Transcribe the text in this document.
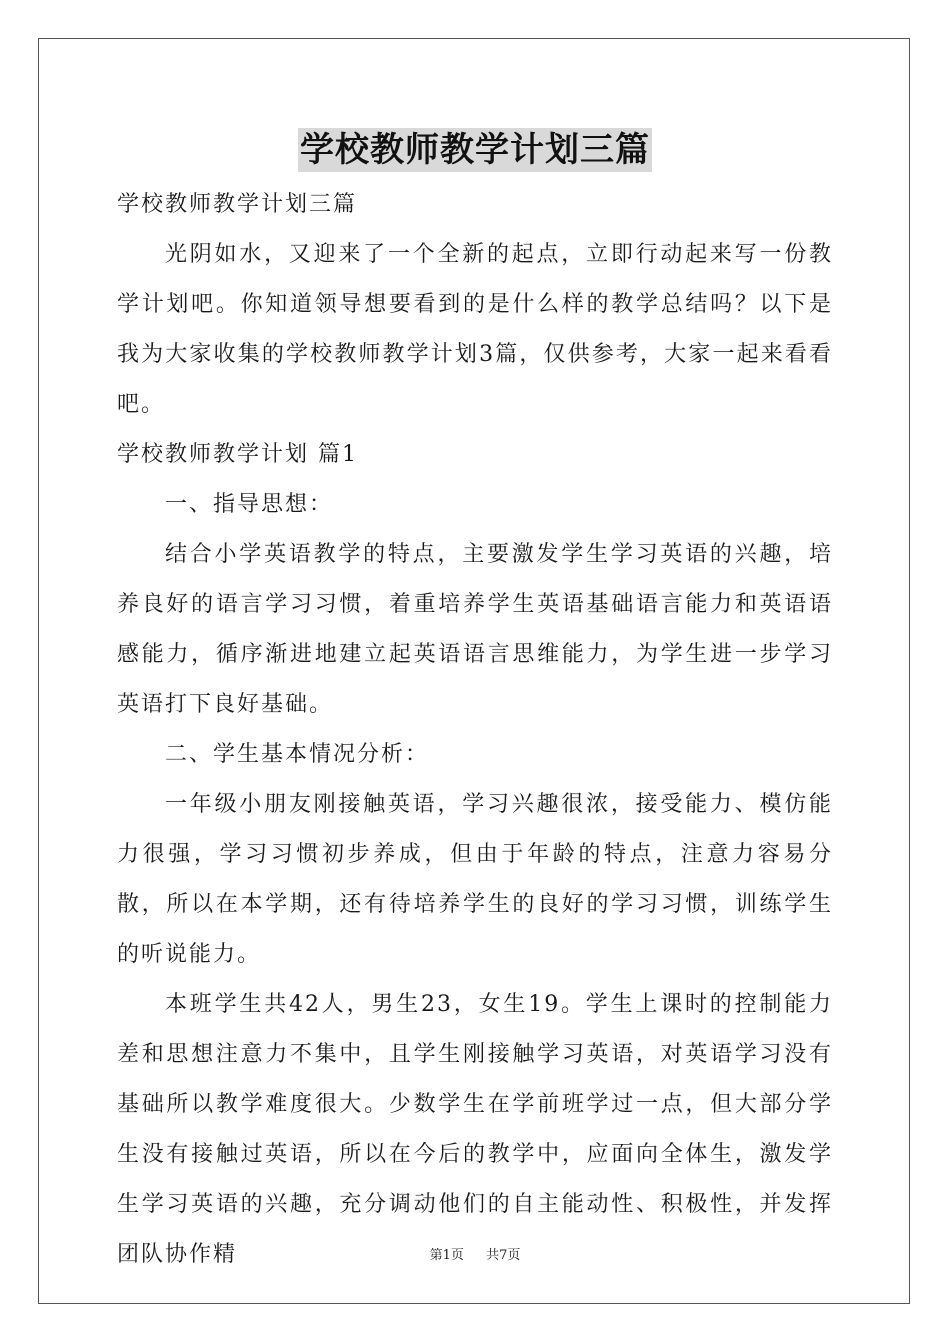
学校教师教学计划三篇

学校教师教学计划三篇

光阴如水，又迎来了一个全新的起点，立即行动起来写一份教学计划吧。你知道领导想要看到的是什么样的教学总结吗？以下是我为大家收集的学校教师教学计划3篇，仅供参考，大家一起来看看吧。

学校教师教学计划 篇1

一、指导思想：

结合小学英语教学的特点，主要激发学生学习英语的兴趣，培养良好的语言学习习惯，着重培养学生英语基础语言能力和英语语感能力，循序渐进地建立起英语语言思维能力，为学生进一步学习英语打下良好基础。

二、学生基本情况分析：

一年级小朋友刚接触英语，学习兴趣很浓，接受能力、模仿能力很强，学习习惯初步养成，但由于年龄的特点，注意力容易分散，所以在本学期，还有待培养学生的良好的学习习惯，训练学生的听说能力。

本班学生共42人，男生23，女生19。学生上课时的控制能力差和思想注意力不集中，且学生刚接触学习英语，对英语学习没有基础所以教学难度很大。少数学生在学前班学过一点，但大部分学生没有接触过英语，所以在今后的教学中，应面向全体生，激发学生学习英语的兴趣，充分调动他们的自主能动性、积极性，并发挥团队协作精	第1页 共7页
